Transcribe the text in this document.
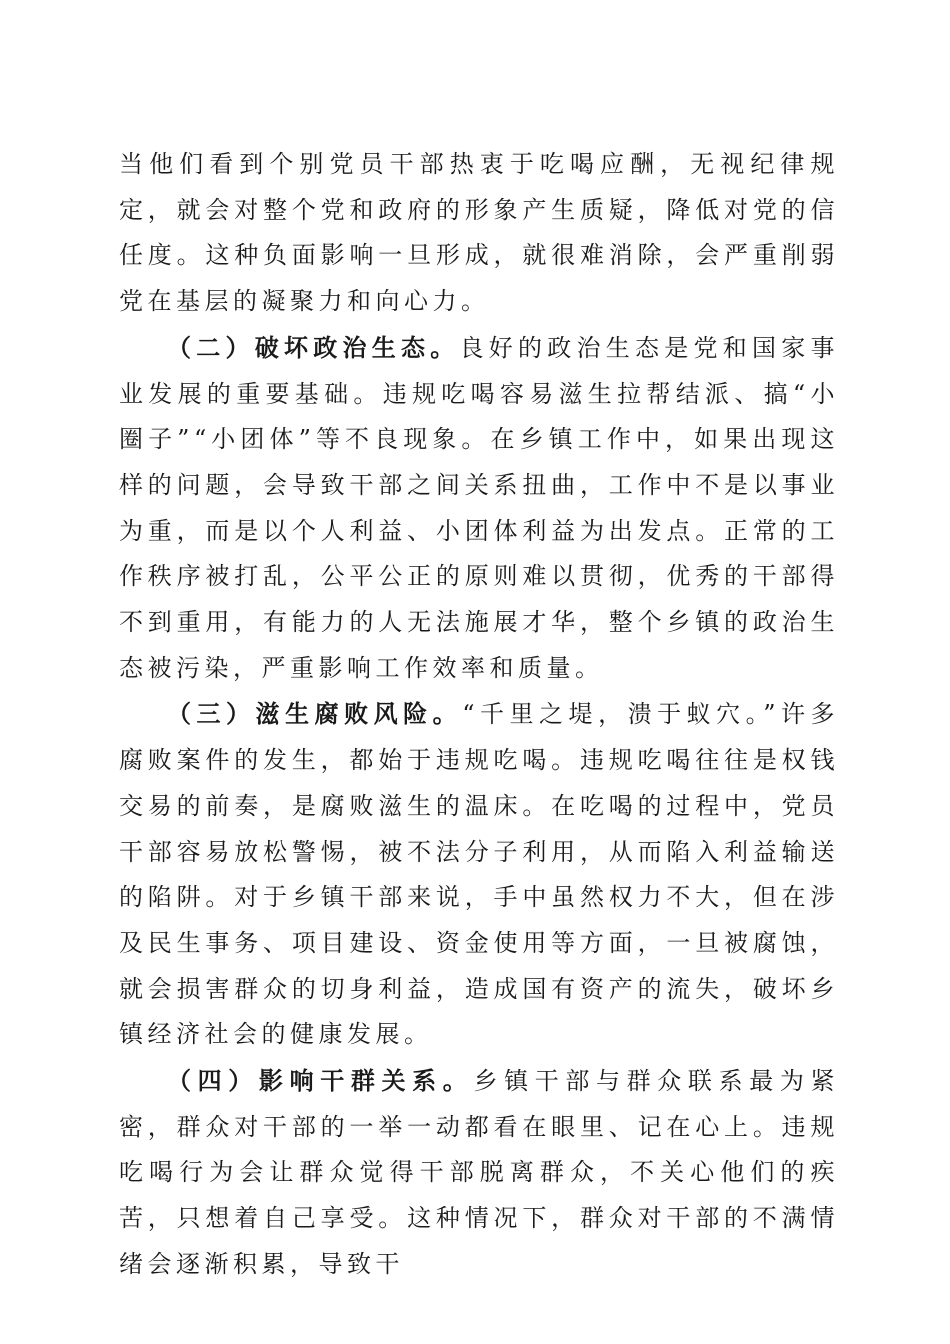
当他们看到个别党员干部热衷于吃喝应酬，无视纪律规定，就会对整个党和政府的形象产生质疑，降低对党的信任度。这种负面影响一旦形成，就很难消除，会严重削弱党在基层的凝聚力和向心力。

（二）破坏政治生态。良好的政治生态是党和国家事业发展的重要基础。违规吃喝容易滋生拉帮结派、搞“小圈子”“小团体”等不良现象。在乡镇工作中，如果出现这样的问题，会导致干部之间关系扭曲，工作中不是以事业为重，而是以个人利益、小团体利益为出发点。正常的工作秩序被打乱，公平公正的原则难以贯彻，优秀的干部得不到重用，有能力的人无法施展才华，整个乡镇的政治生态被污染，严重影响工作效率和质量。

（三）滋生腐败风险。“千里之堤，溃于蚁穴。”许多腐败案件的发生，都始于违规吃喝。违规吃喝往往是权钱交易的前奏，是腐败滋生的温床。在吃喝的过程中，党员干部容易放松警惕，被不法分子利用，从而陷入利益输送的陷阱。对于乡镇干部来说，手中虽然权力不大，但在涉及民生事务、项目建设、资金使用等方面，一旦被腐蚀，就会损害群众的切身利益，造成国有资产的流失，破坏乡镇经济社会的健康发展。

（四）影响干群关系。乡镇干部与群众联系最为紧密，群众对干部的一举一动都看在眼里、记在心上。违规吃喝行为会让群众觉得干部脱离群众，不关心他们的疾苦，只想着自己享受。这种情况下，群众对干部的不满情绪会逐渐积累，导致干
